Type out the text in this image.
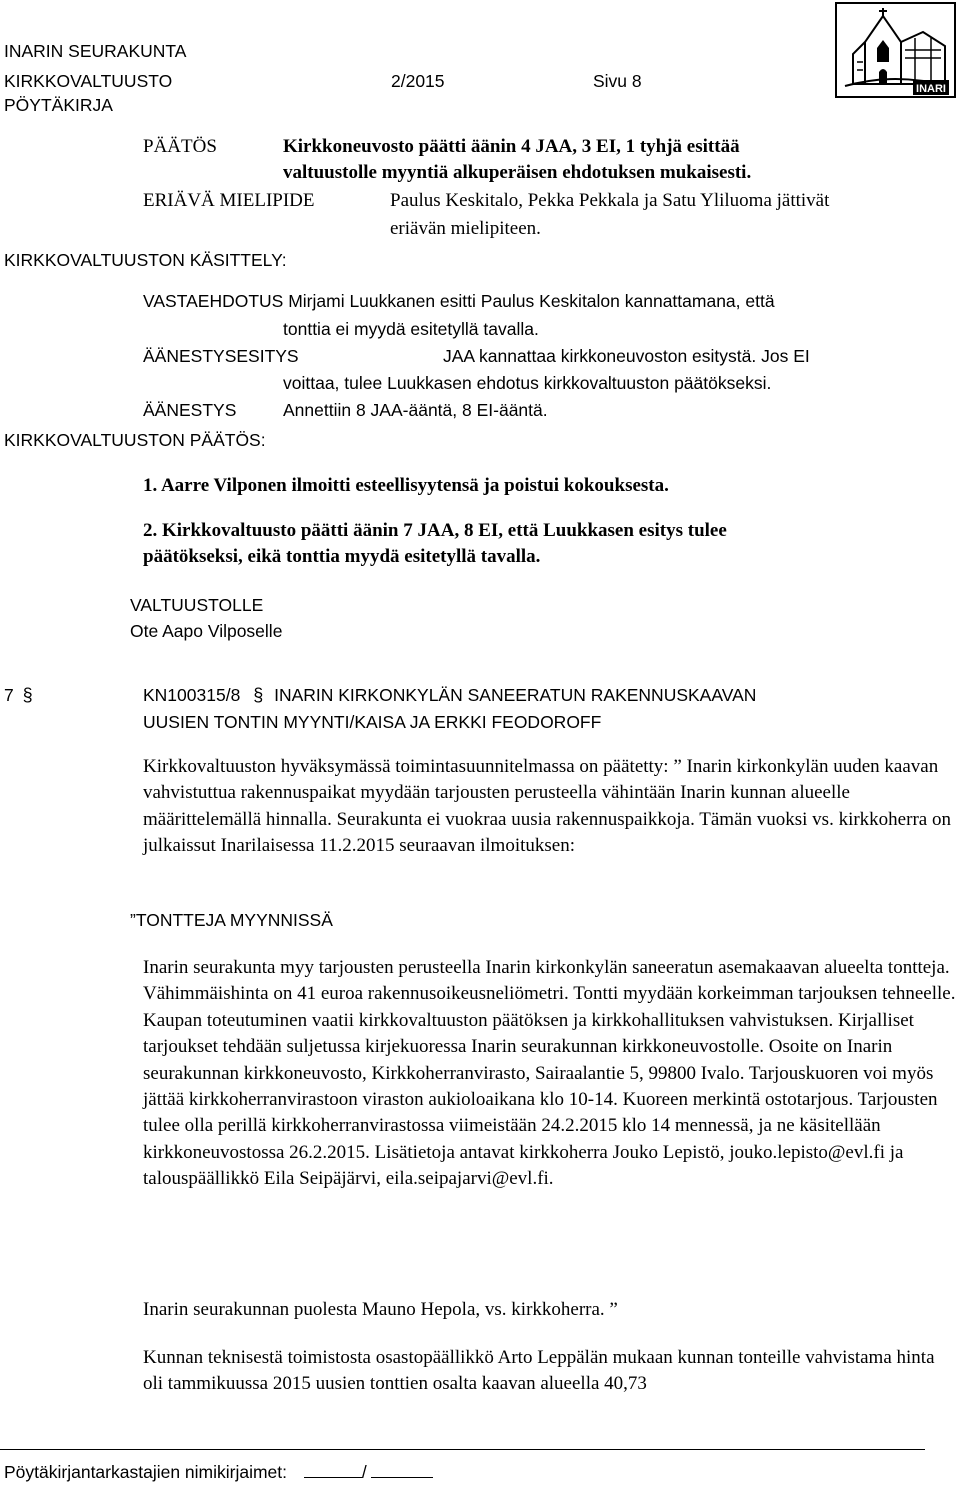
INARIN SEURAKUNTA
KIRKKOVALTUUSTO	2/2015	Sivu 8
PÖYTÄKIRJA
INARI
PÄÄTÖS	Kirkkoneuvosto päätti äänin 4 JAA, 3 EI, 1 tyhjä esittää
valtuustolle myyntiä alkuperäisen ehdotuksen mukaisesti.
ERIÄVÄ MIELIPIDE	Paulus Keskitalo, Pekka Pekkala ja Satu Yliluoma jättivät
eriävän mielipiteen.
KIRKKOVALTUUSTON KÄSITTELY:
VASTAEHDOTUS Mirjami Luukkanen esitti Paulus Keskitalon kannattamana, että
tonttia ei myydä esitetyllä tavalla.
ÄÄNESTYSESITYS	JAA kannattaa kirkkoneuvoston esitystä. Jos EI
voittaa, tulee Luukkasen ehdotus kirkkovaltuuston päätökseksi.
ÄÄNESTYS	Annettiin 8 JAA-ääntä, 8 EI-ääntä.
KIRKKOVALTUUSTON PÄÄTÖS:
1. Aarre Vilponen ilmoitti esteellisyytensä ja poistui kokouksesta.
2. Kirkkovaltuusto päätti äänin 7 JAA, 8 EI, että Luukkasen esitys tulee
päätökseksi, eikä tonttia myydä esitetyllä tavalla.
VALTUUSTOLLE
Ote Aapo Vilposelle
7 §	KN100315/8 § INARIN KIRKONKYLÄN SANEERATUN RAKENNUSKAAVAN
UUSIEN TONTIN MYYNTI/KAISA JA ERKKI FEODOROFF
Kirkkovaltuuston hyväksymässä toimintasuunnitelmassa on päätetty: ” Inarin kirkonkylän uuden kaavan vahvistuttua rakennuspaikat myydään tarjousten perusteella vähintään Inarin kunnan alueelle määrittelemällä hinnalla. Seurakunta ei vuokraa uusia rakennuspaikkoja. Tämän vuoksi vs. kirkkoherra on julkaissut Inarilaisessa 11.2.2015 seuraavan ilmoituksen:
”TONTTEJA MYYNNISSÄ
Inarin seurakunta myy tarjousten perusteella Inarin kirkonkylän saneeratun asemakaavan alueelta tontteja. Vähimmäishinta on 41 euroa rakennusoikeusneliömetri. Tontti myydään korkeimman tarjouksen tehneelle. Kaupan toteutuminen vaatii kirkkovaltuuston päätöksen ja kirkkohallituksen vahvistuksen. Kirjalliset tarjoukset tehdään suljetussa kirjekuoressa Inarin seurakunnan kirkkoneuvostolle. Osoite on Inarin seurakunnan kirkkoneuvosto, Kirkkoherranvirasto, Sairaalantie 5, 99800 Ivalo. Tarjouskuoren voi myös jättää kirkkoherranvirastoon viraston aukioloaikana klo 10-14. Kuoreen merkintä ostotarjous. Tarjousten tulee olla perillä kirkkoherranvirastossa viimeistään 24.2.2015 klo 14 mennessä, ja ne käsitellään kirkkoneuvostossa 26.2.2015. Lisätietoja antavat kirkkoherra Jouko Lepistö, jouko.lepisto@evl.fi ja talouspäällikkö Eila Seipäjärvi, eila.seipajarvi@evl.fi.
Inarin seurakunnan puolesta Mauno Hepola, vs. kirkkoherra. ”
Kunnan teknisestä toimistosta osastopäällikkö Arto Leppälän mukaan kunnan tonteille vahvistama hinta oli tammikuussa 2015 uusien tonttien osalta kaavan alueella 40,73
Pöytäkirjantarkastajien nimikirjaimet:	/
